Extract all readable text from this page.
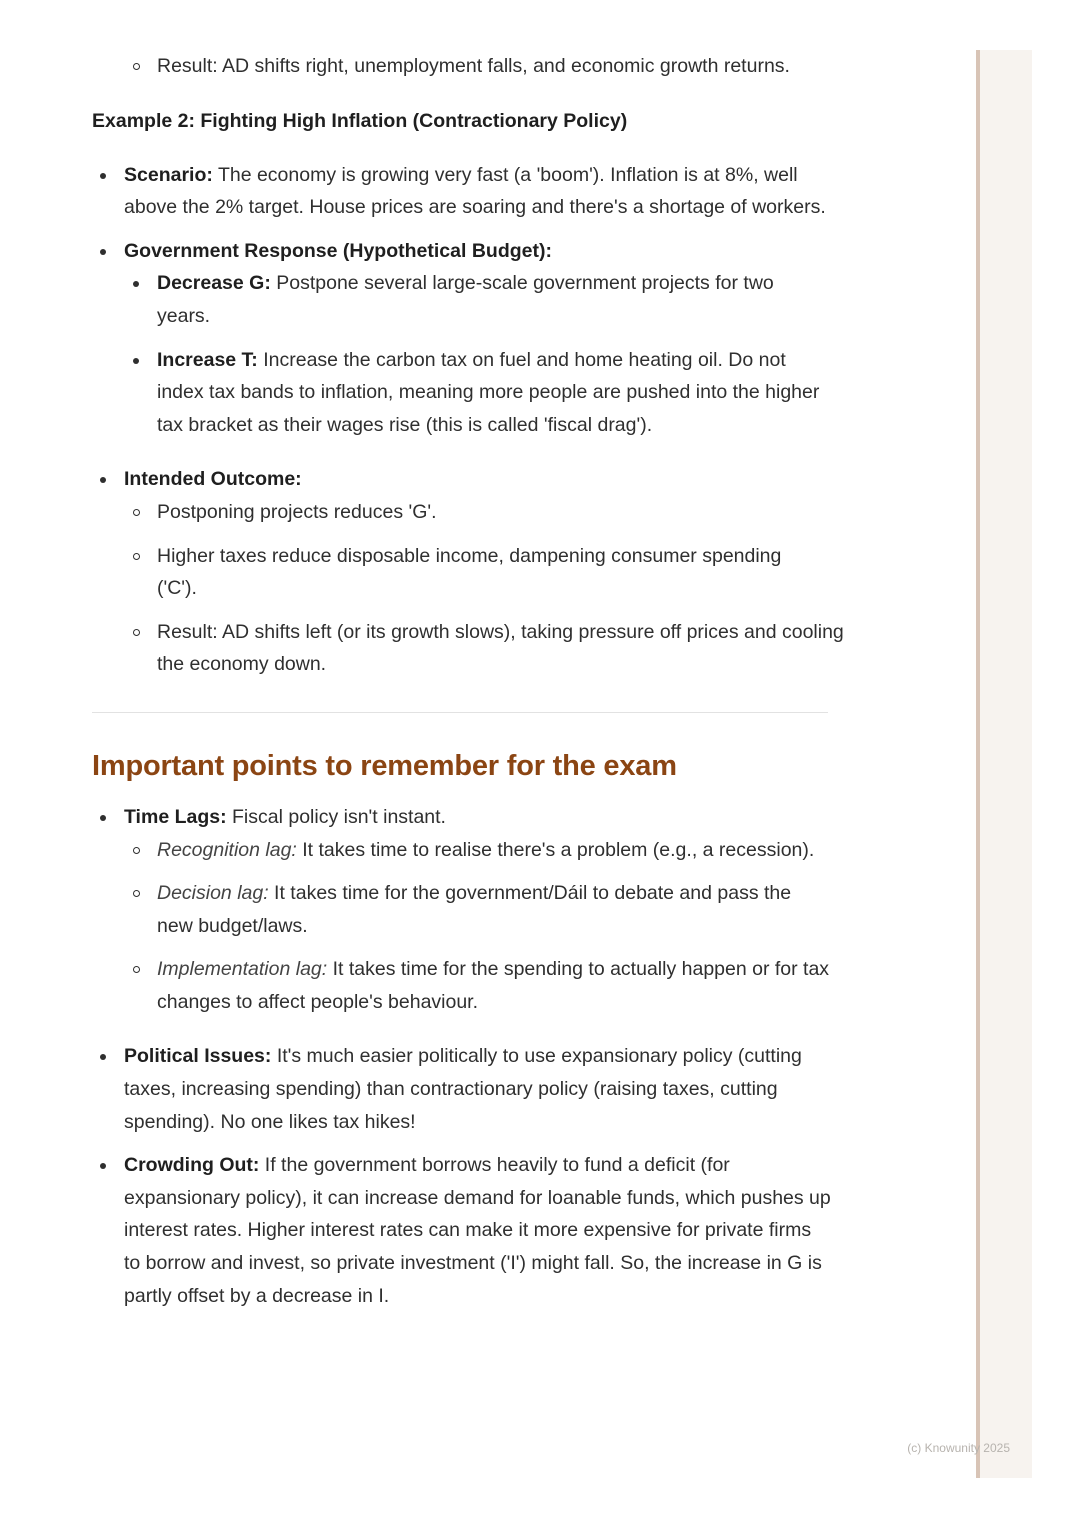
Result: AD shifts right, unemployment falls, and economic growth returns.
Example 2: Fighting High Inflation (Contractionary Policy)
Scenario: The economy is growing very fast (a 'boom'). Inflation is at 8%, well above the 2% target. House prices are soaring and there's a shortage of workers.
Government Response (Hypothetical Budget):
Decrease G: Postpone several large-scale government projects for two years.
Increase T: Increase the carbon tax on fuel and home heating oil. Do not index tax bands to inflation, meaning more people are pushed into the higher tax bracket as their wages rise (this is called 'fiscal drag').
Intended Outcome:
Postponing projects reduces 'G'.
Higher taxes reduce disposable income, dampening consumer spending ('C').
Result: AD shifts left (or its growth slows), taking pressure off prices and cooling the economy down.
Important points to remember for the exam
Time Lags: Fiscal policy isn't instant.
Recognition lag: It takes time to realise there's a problem (e.g., a recession).
Decision lag: It takes time for the government/Dáil to debate and pass the new budget/laws.
Implementation lag: It takes time for the spending to actually happen or for tax changes to affect people's behaviour.
Political Issues: It's much easier politically to use expansionary policy (cutting taxes, increasing spending) than contractionary policy (raising taxes, cutting spending). No one likes tax hikes!
Crowding Out: If the government borrows heavily to fund a deficit (for expansionary policy), it can increase demand for loanable funds, which pushes up interest rates. Higher interest rates can make it more expensive for private firms to borrow and invest, so private investment ('I') might fall. So, the increase in G is partly offset by a decrease in I.
(c) Knowunity 2025
